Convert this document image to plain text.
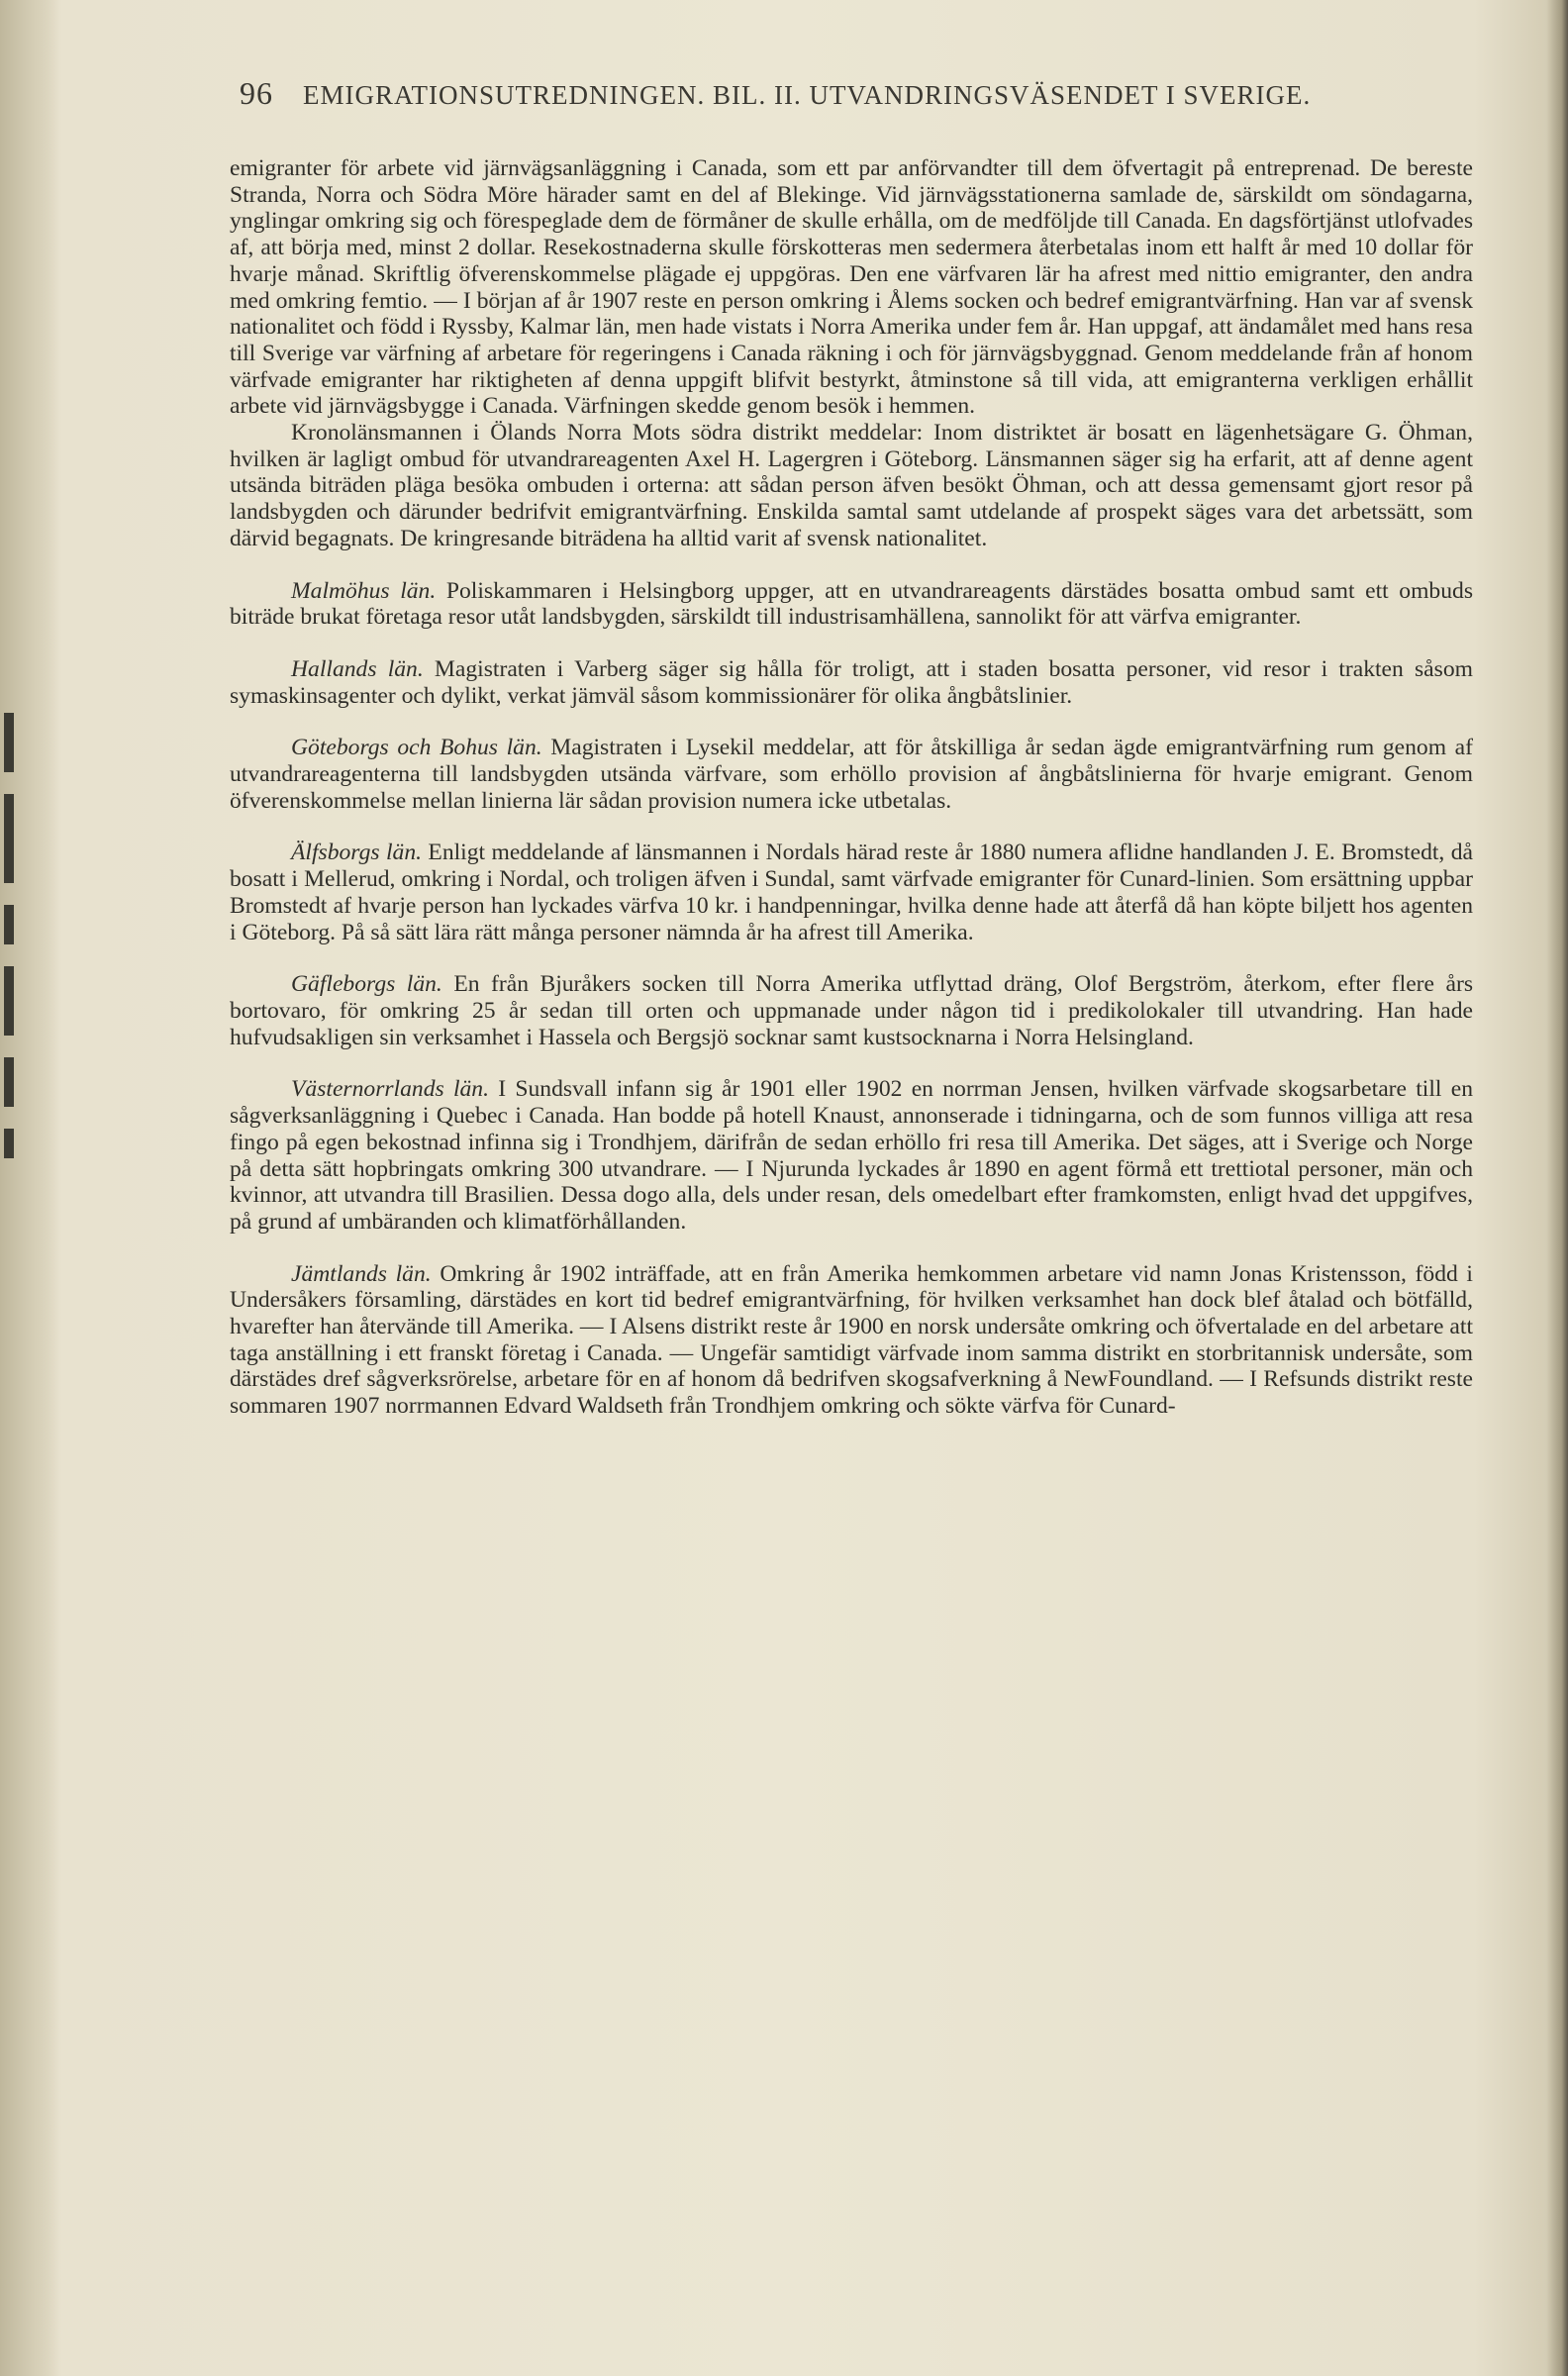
96 EMIGRATIONSUTREDNINGEN. BIL. II. UTVANDRINGSVÄSENDET I SVERIGE.

emigranter för arbete vid järnvägsanläggning i Canada, som ett par anförvandter till dem öfvertagit på entreprenad. De bereste Stranda, Norra och Södra Möre härader samt en del af Blekinge. Vid järnvägsstationerna samlade de, särskildt om söndagarna, ynglingar omkring sig och förespeglade dem de förmåner de skulle erhålla, om de medföljde till Canada. En dagsförtjänst utlofvades af, att börja med, minst 2 dollar. Resekostnaderna skulle förskotteras men sedermera återbetalas inom ett halft år med 10 dollar för hvarje månad. Skriftlig öfverenskommelse plägade ej uppgöras. Den ene värfvaren lär ha afrest med nittio emigranter, den andra med omkring femtio. — I början af år 1907 reste en person omkring i Ålems socken och bedref emigrantvärfning. Han var af svensk nationalitet och född i Ryssby, Kalmar län, men hade vistats i Norra Amerika under fem år. Han uppgaf, att ändamålet med hans resa till Sverige var värfning af arbetare för regeringens i Canada räkning i och för järnvägsbyggnad. Genom meddelande från af honom värfvade emigranter har riktigheten af denna uppgift blifvit bestyrkt, åtminstone så till vida, att emigranterna verkligen erhållit arbete vid järnvägsbygge i Canada. Värfningen skedde genom besök i hemmen.

Kronolänsmannen i Ölands Norra Mots södra distrikt meddelar: Inom distriktet är bosatt en lägenhetsägare G. Öhman, hvilken är lagligt ombud för utvandrareagenten Axel H. Lagergren i Göteborg. Länsmannen säger sig ha erfarit, att af denne agent utsända biträden pläga besöka ombuden i orterna: att sådan person äfven besökt Öhman, och att dessa gemensamt gjort resor på landsbygden och därunder bedrifvit emigrantvärfning. Enskilda samtal samt utdelande af prospekt säges vara det arbetssätt, som därvid begagnats. De kringresande biträdena ha alltid varit af svensk nationalitet.

Malmöhus län. Poliskammaren i Helsingborg uppger, att en utvandrareagents därstädes bosatta ombud samt ett ombuds biträde brukat företaga resor utåt landsbygden, särskildt till industrisamhällena, sannolikt för att värfva emigranter.

Hallands län. Magistraten i Varberg säger sig hålla för troligt, att i staden bosatta personer, vid resor i trakten såsom symaskinsagenter och dylikt, verkat jämväl såsom kommissionärer för olika ångbåtslinier.

Göteborgs och Bohus län. Magistraten i Lysekil meddelar, att för åtskilliga år sedan ägde emigrantvärfning rum genom af utvandrareagenterna till landsbygden utsända värfvare, som erhöllo provision af ångbåtslinierna för hvarje emigrant. Genom öfverenskommelse mellan linierna lär sådan provision numera icke utbetalas.

Älfsborgs län. Enligt meddelande af länsmannen i Nordals härad reste år 1880 numera aflidne handlanden J. E. Bromstedt, då bosatt i Mellerud, omkring i Nordal, och troligen äfven i Sundal, samt värfvade emigranter för Cunard-linien. Som ersättning uppbar Bromstedt af hvarje person han lyckades värfva 10 kr. i handpenningar, hvilka denne hade att återfå då han köpte biljett hos agenten i Göteborg. På så sätt lära rätt många personer nämnda år ha afrest till Amerika.

Gäfleborgs län. En från Bjuråkers socken till Norra Amerika utflyttad dräng, Olof Bergström, återkom, efter flere års bortovaro, för omkring 25 år sedan till orten och uppmanade under någon tid i predikolokaler till utvandring. Han hade hufvudsakligen sin verksamhet i Hassela och Bergsjö socknar samt kustsocknarna i Norra Helsingland.

Västernorrlands län. I Sundsvall infann sig år 1901 eller 1902 en norrman Jensen, hvilken värfvade skogsarbetare till en sågverksanläggning i Quebec i Canada. Han bodde på hotell Knaust, annonserade i tidningarna, och de som funnos villiga att resa fingo på egen bekostnad infinna sig i Trondhjem, därifrån de sedan erhöllo fri resa till Amerika. Det säges, att i Sverige och Norge på detta sätt hopbringats omkring 300 utvandrare. — I Njurunda lyckades år 1890 en agent förmå ett trettiotal personer, män och kvinnor, att utvandra till Brasilien. Dessa dogo alla, dels under resan, dels omedelbart efter framkomsten, enligt hvad det uppgifves, på grund af umbäranden och klimatförhållanden.

Jämtlands län. Omkring år 1902 inträffade, att en från Amerika hemkommen arbetare vid namn Jonas Kristensson, född i Undersåkers församling, därstädes en kort tid bedref emigrantvärfning, för hvilken verksamhet han dock blef åtalad och bötfälld, hvarefter han återvände till Amerika. — I Alsens distrikt reste år 1900 en norsk undersåte omkring och öfvertalade en del arbetare att taga anställning i ett franskt företag i Canada. — Ungefär samtidigt värfvade inom samma distrikt en storbritannisk undersåte, som därstädes dref sågverksrörelse, arbetare för en af honom då bedrifven skogsafverkning å NewFoundland. — I Refsunds distrikt reste sommaren 1907 norrmannen Edvard Waldseth från Trondhjem omkring och sökte värfva för Cunard-
